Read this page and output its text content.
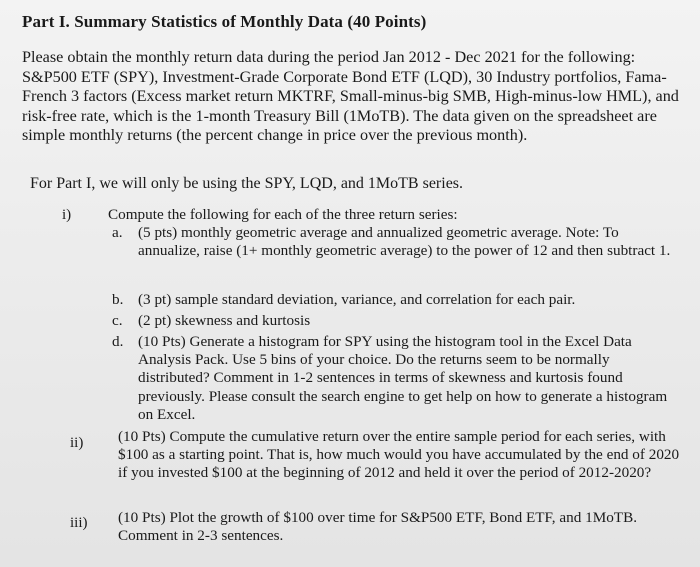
Part I. Summary Statistics of Monthly Data (40 Points)
Please obtain the monthly return data during the period Jan 2012 - Dec 2021 for the following: S&P500 ETF (SPY), Investment-Grade Corporate Bond ETF (LQD), 30 Industry portfolios, Fama-French 3 factors (Excess market return MKTRF, Small-minus-big SMB, High-minus-low HML), and risk-free rate, which is the 1-month Treasury Bill (1MoTB). The data given on the spreadsheet are simple monthly returns (the percent change in price over the previous month).
For Part I, we will only be using the SPY, LQD, and 1MoTB series.
i) Compute the following for each of the three return series:
a. (5 pts) monthly geometric average and annualized geometric average. Note: To annualize, raise (1+ monthly geometric average) to the power of 12 and then subtract 1.
b. (3 pt) sample standard deviation, variance, and correlation for each pair.
c. (2 pt) skewness and kurtosis
d. (10 Pts) Generate a histogram for SPY using the histogram tool in the Excel Data Analysis Pack. Use 5 bins of your choice. Do the returns seem to be normally distributed? Comment in 1-2 sentences in terms of skewness and kurtosis found previously. Please consult the search engine to get help on how to generate a histogram on Excel.
ii) (10 Pts) Compute the cumulative return over the entire sample period for each series, with $100 as a starting point. That is, how much would you have accumulated by the end of 2020 if you invested $100 at the beginning of 2012 and held it over the period of 2012-2020?
iii) (10 Pts) Plot the growth of $100 over time for S&P500 ETF, Bond ETF, and 1MoTB. Comment in 2-3 sentences.
